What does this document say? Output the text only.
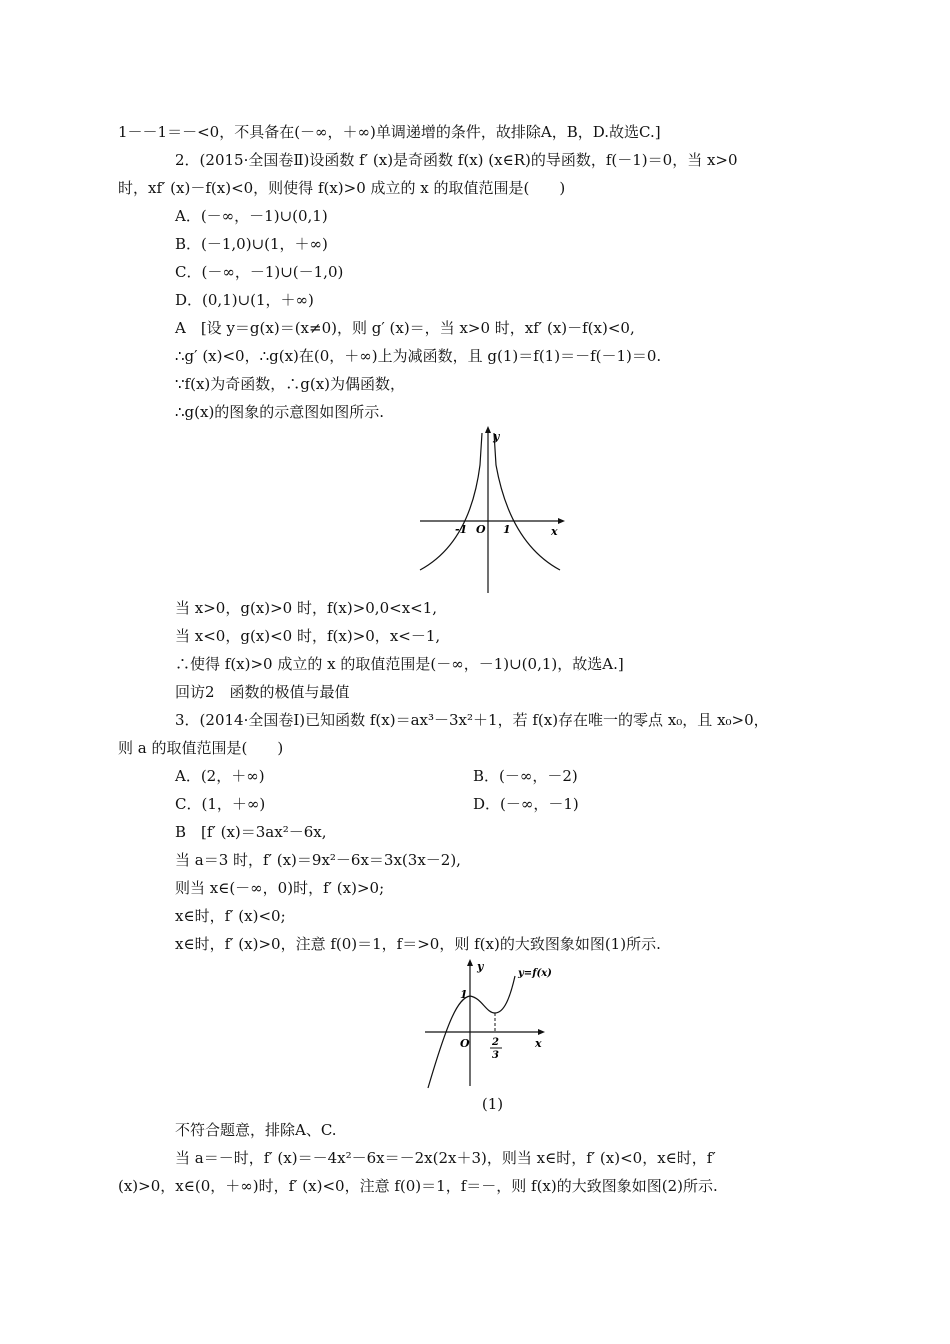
1－－1＝－<0，不具备在(－∞，＋∞)单调递增的条件，故排除A，B，D.故选C.]
2．(2015·全国卷Ⅱ)设函数 f′ (x)是奇函数 f(x) (x∈R)的导函数，f(－1)＝0，当 x>0
时，xf′ (x)－f(x)<0，则使得 f(x)>0 成立的 x 的取值范围是(　　)
A．(－∞，－1)∪(0,1)
B．(－1,0)∪(1，＋∞)
C．(－∞，－1)∪(－1,0)
D．(0,1)∪(1，＋∞)
A　[设 y＝g(x)＝(x≠0)，则 g′ (x)＝，当 x>0 时，xf′ (x)－f(x)<0,
∴g′ (x)<0，∴g(x)在(0，＋∞)上为减函数，且 g(1)＝f(1)＝－f(－1)＝0.
∵f(x)为奇函数，∴g(x)为偶函数，
∴g(x)的图象的示意图如图所示.
y
x
O
-1	1
当 x>0，g(x)>0 时，f(x)>0,0<x<1,
当 x<0，g(x)<0 时，f(x)>0，x<－1,
∴使得 f(x)>0 成立的 x 的取值范围是(－∞，－1)∪(0,1)，故选A.]
回访2　函数的极值与最值
3．(2014·全国卷Ⅰ)已知函数 f(x)＝ax³－3x²＋1，若 f(x)存在唯一的零点 x₀，且 x₀>0，
则 a 的取值范围是(　　)
A．(2，＋∞)	B．(－∞，－2)
C．(1，＋∞)	D．(－∞，－1)
B　[f′ (x)＝3ax²－6x,
当 a＝3 时，f′ (x)＝9x²－6x＝3x(3x－2),
则当 x∈(－∞，0)时，f′ (x)>0;
x∈时，f′ (x)<0;
x∈时，f′ (x)>0，注意 f(0)＝1，f＝>0，则 f(x)的大致图象如图(1)所示.
y
x
O
1
y=f(x)
2
3
(1)
不符合题意，排除A、C.
当 a＝－时，f′ (x)＝－4x²－6x＝－2x(2x＋3)，则当 x∈时，f′ (x)<0，x∈时，f′
(x)>0，x∈(0，＋∞)时，f′ (x)<0，注意 f(0)＝1，f＝－，则 f(x)的大致图象如图(2)所示.
